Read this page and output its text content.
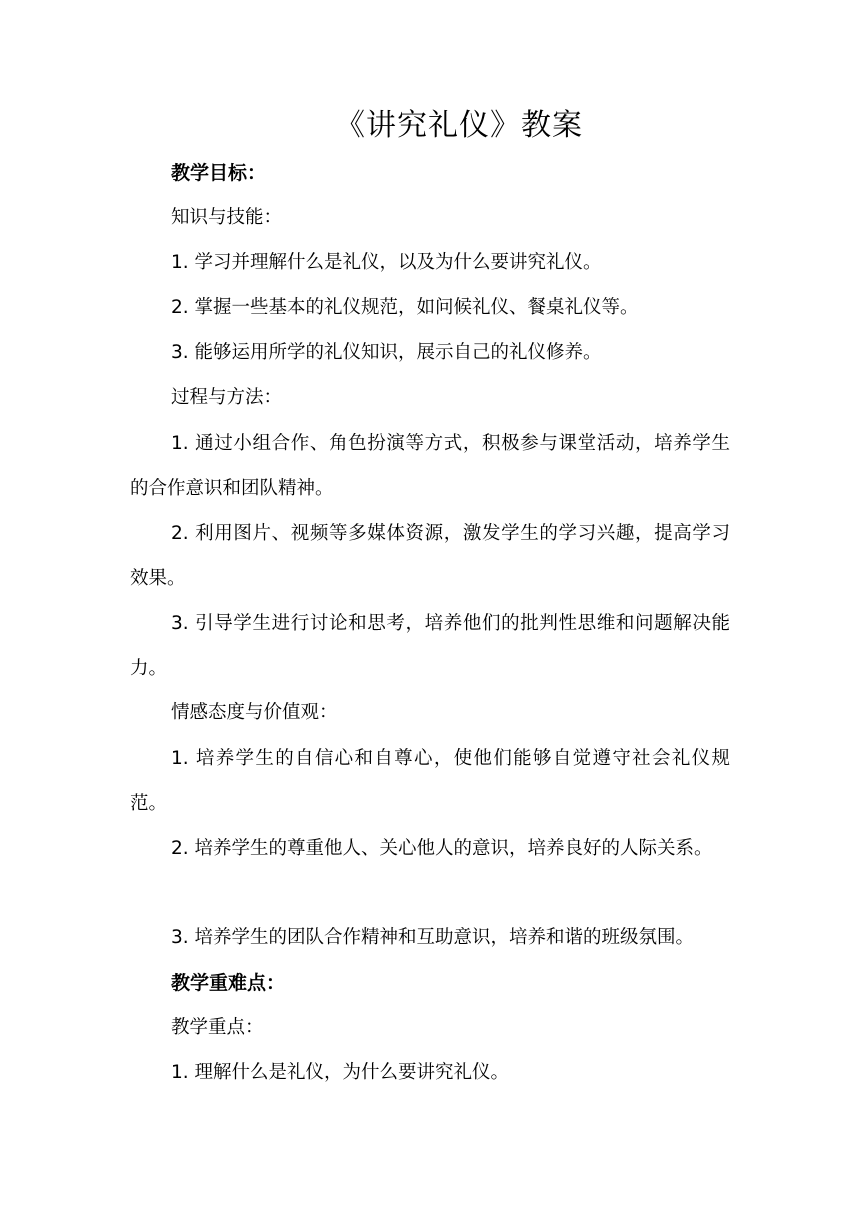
《讲究礼仪》教案

教学目标：

知识与技能：

1. 学习并理解什么是礼仪，以及为什么要讲究礼仪。

2. 掌握一些基本的礼仪规范，如问候礼仪、餐桌礼仪等。

3. 能够运用所学的礼仪知识，展示自己的礼仪修养。

过程与方法：

1. 通过小组合作、角色扮演等方式，积极参与课堂活动，培养学生的合作意识和团队精神。

2. 利用图片、视频等多媒体资源，激发学生的学习兴趣，提高学习效果。

3. 引导学生进行讨论和思考，培养他们的批判性思维和问题解决能力。

情感态度与价值观：

1. 培养学生的自信心和自尊心，使他们能够自觉遵守社会礼仪规范。

2. 培养学生的尊重他人、关心他人的意识，培养良好的人际关系。

3. 培养学生的团队合作精神和互助意识，培养和谐的班级氛围。

教学重难点：

教学重点：

1. 理解什么是礼仪，为什么要讲究礼仪。
